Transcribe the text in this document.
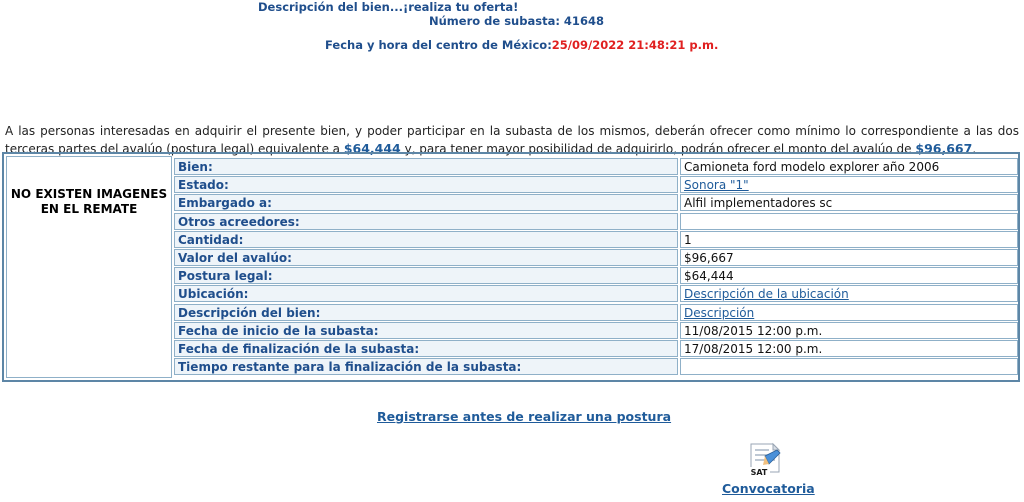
Descripción del bien...¡realiza tu oferta!
Número de subasta: 41648
Fecha y hora del centro de México:25/09/2022 21:48:21 p.m.
A las personas interesadas en adquirir el presente bien, y poder participar en la subasta de los mismos, deberán ofrecer como mínimo lo correspondiente a las dos terceras partes del avalúo (postura legal) equivalente a $64,444 y, para tener mayor posibilidad de adquirirlo, podrán ofrecer el monto del avalúo de $96,667.
NO EXISTEN IMAGENES EN EL REMATE
Bien:	Camioneta ford modelo explorer año 2006
Estado:	Sonora "1"
Embargado a:	Alfil implementadores sc
Otros acreedores:
Cantidad:	1
Valor del avalúo:	$96,667
Postura legal:	$64,444
Ubicación:	Descripción de la ubicación
Descripción del bien:	Descripción
Fecha de inicio de la subasta:	11/08/2015 12:00 p.m.
Fecha de finalización de la subasta:	17/08/2015 12:00 p.m.
Tiempo restante para la finalización de la subasta:
Registrarse antes de realizar una postura
SAT
Convocatoria
